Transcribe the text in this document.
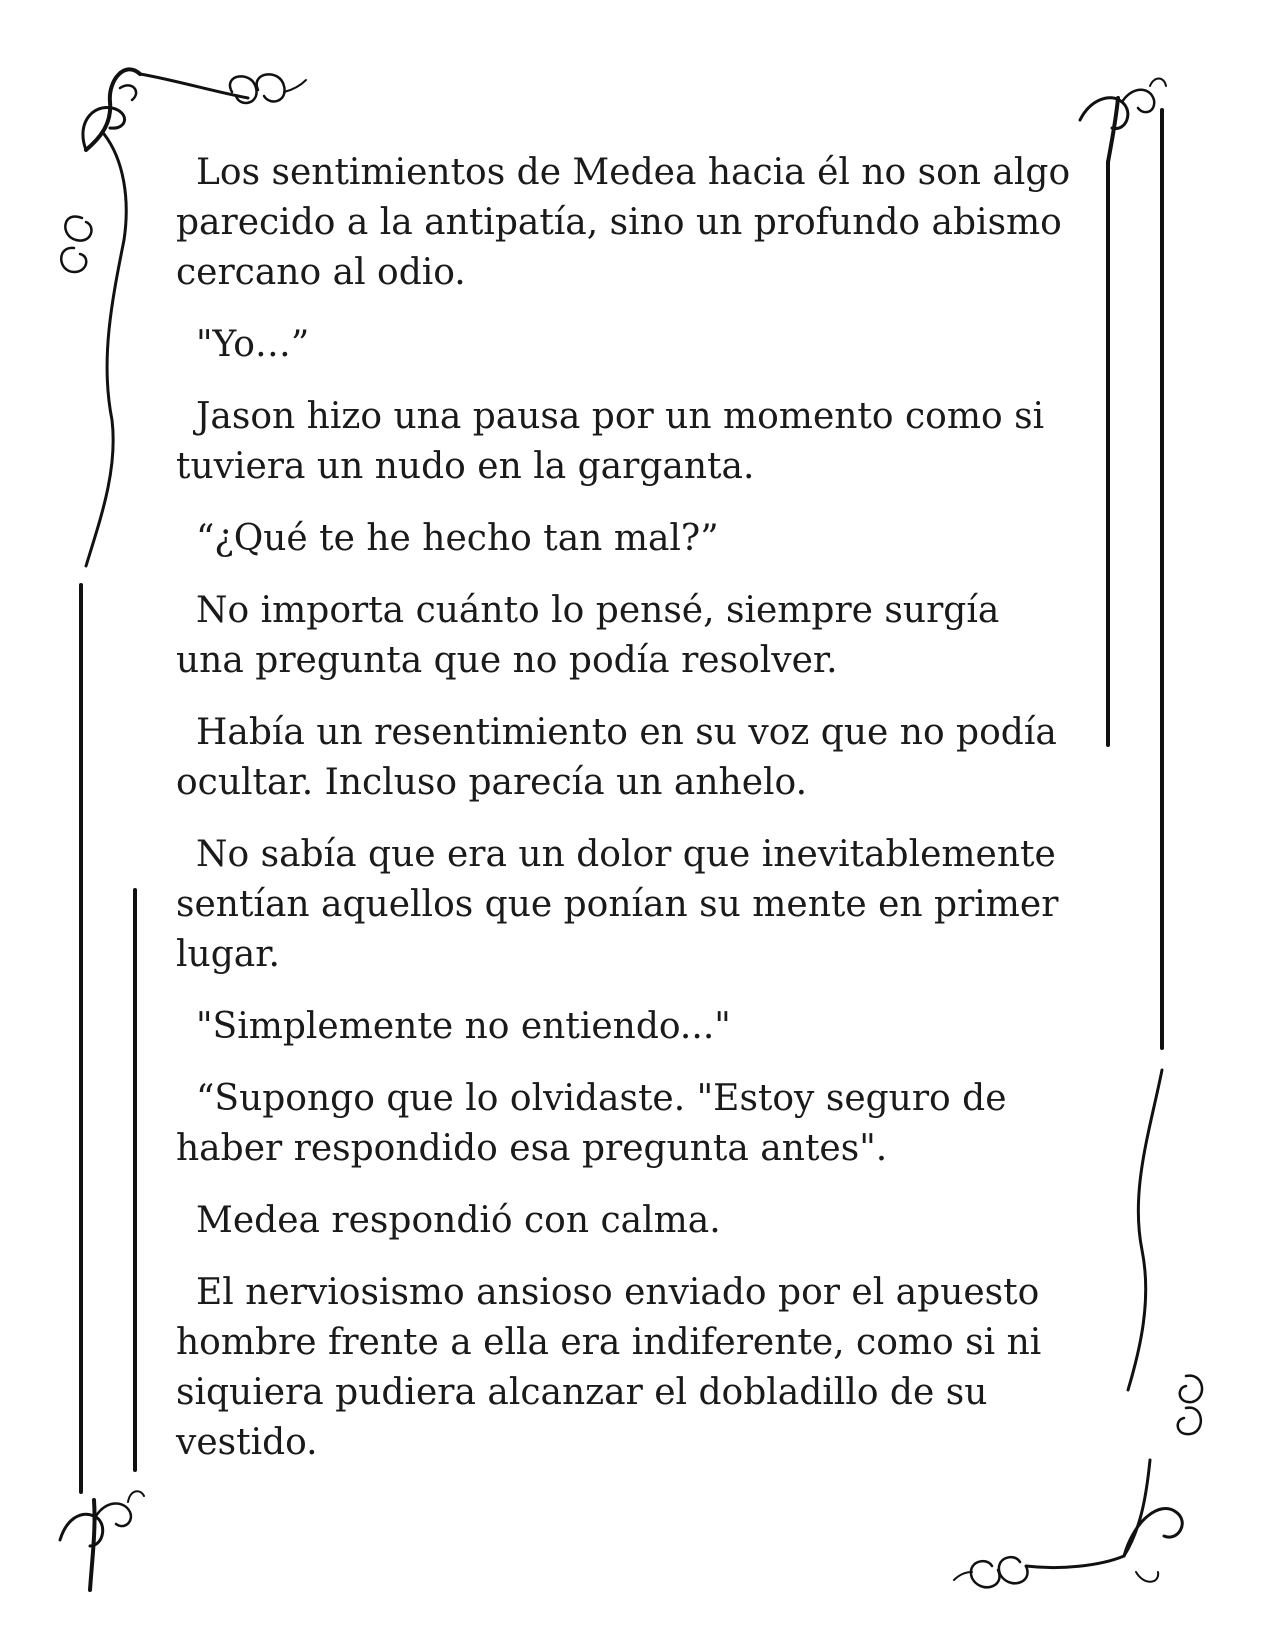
Los sentimientos de Medea hacia él no son algo parecido a la antipatía, sino un profundo abismo cercano al odio.

"Yo…”

Jason hizo una pausa por un momento como si tuviera un nudo en la garganta.

“¿Qué te he hecho tan mal?”

No importa cuánto lo pensé, siempre surgía una pregunta que no podía resolver.

Había un resentimiento en su voz que no podía ocultar. Incluso parecía un anhelo.

No sabía que era un dolor que inevitablemente sentían aquellos que ponían su mente en primer lugar.

"Simplemente no entiendo..."

“Supongo que lo olvidaste. "Estoy seguro de haber respondido esa pregunta antes".

Medea respondió con calma.

El nerviosismo ansioso enviado por el apuesto hombre frente a ella era indiferente, como si ni siquiera pudiera alcanzar el dobladillo de su vestido.
